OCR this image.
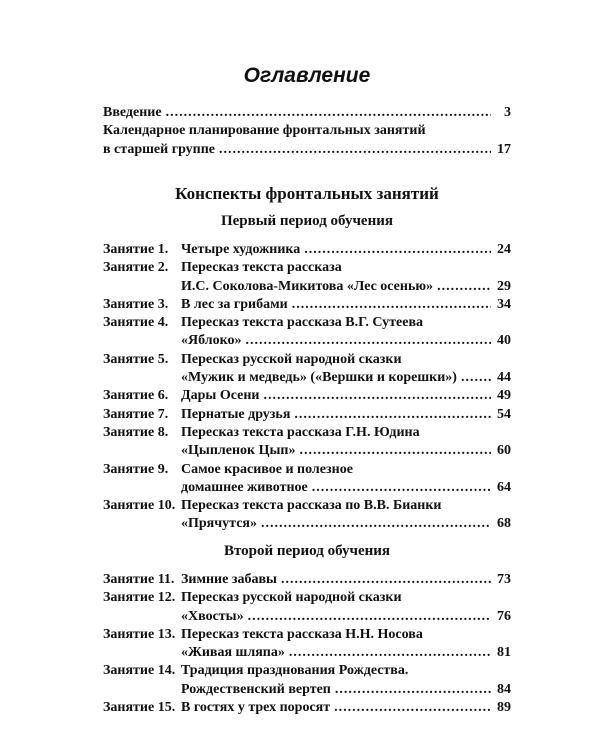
Оглавление
Введение .....	3
Календарное планирование фронтальных занятий
в старшей группе .....	17
Конспекты фронтальных занятий
Первый период обучения
Занятие 1. Четыре художника .....	24
Занятие 2. Пересказ текста рассказа
И.С. Соколова-Микитова «Лес осенью» .....	29
Занятие 3. В лес за грибами .....	34
Занятие 4. Пересказ текста рассказа В.Г. Сутеева
«Яблоко» .....	40
Занятие 5. Пересказ русской народной сказки
«Мужик и медведь» («Вершки и корешки») .....	44
Занятие 6. Дары Осени .....	49
Занятие 7. Пернатые друзья .....	54
Занятие 8. Пересказ текста рассказа Г.Н. Юдина
«Цыпленок Цып» .....	60
Занятие 9. Самое красивое и полезное
домашнее животное .....	64
Занятие 10. Пересказ текста рассказа по В.В. Бианки
«Прячутся» .....	68
Второй период обучения
Занятие 11. Зимние забавы .....	73
Занятие 12. Пересказ русской народной сказки
«Хвосты» .....	76
Занятие 13. Пересказ текста рассказа Н.Н. Носова
«Живая шляпа» .....	81
Занятие 14. Традиция празднования Рождества.
Рождественский вертеп .....	84
Занятие 15. В гостях у трех поросят .....	89
